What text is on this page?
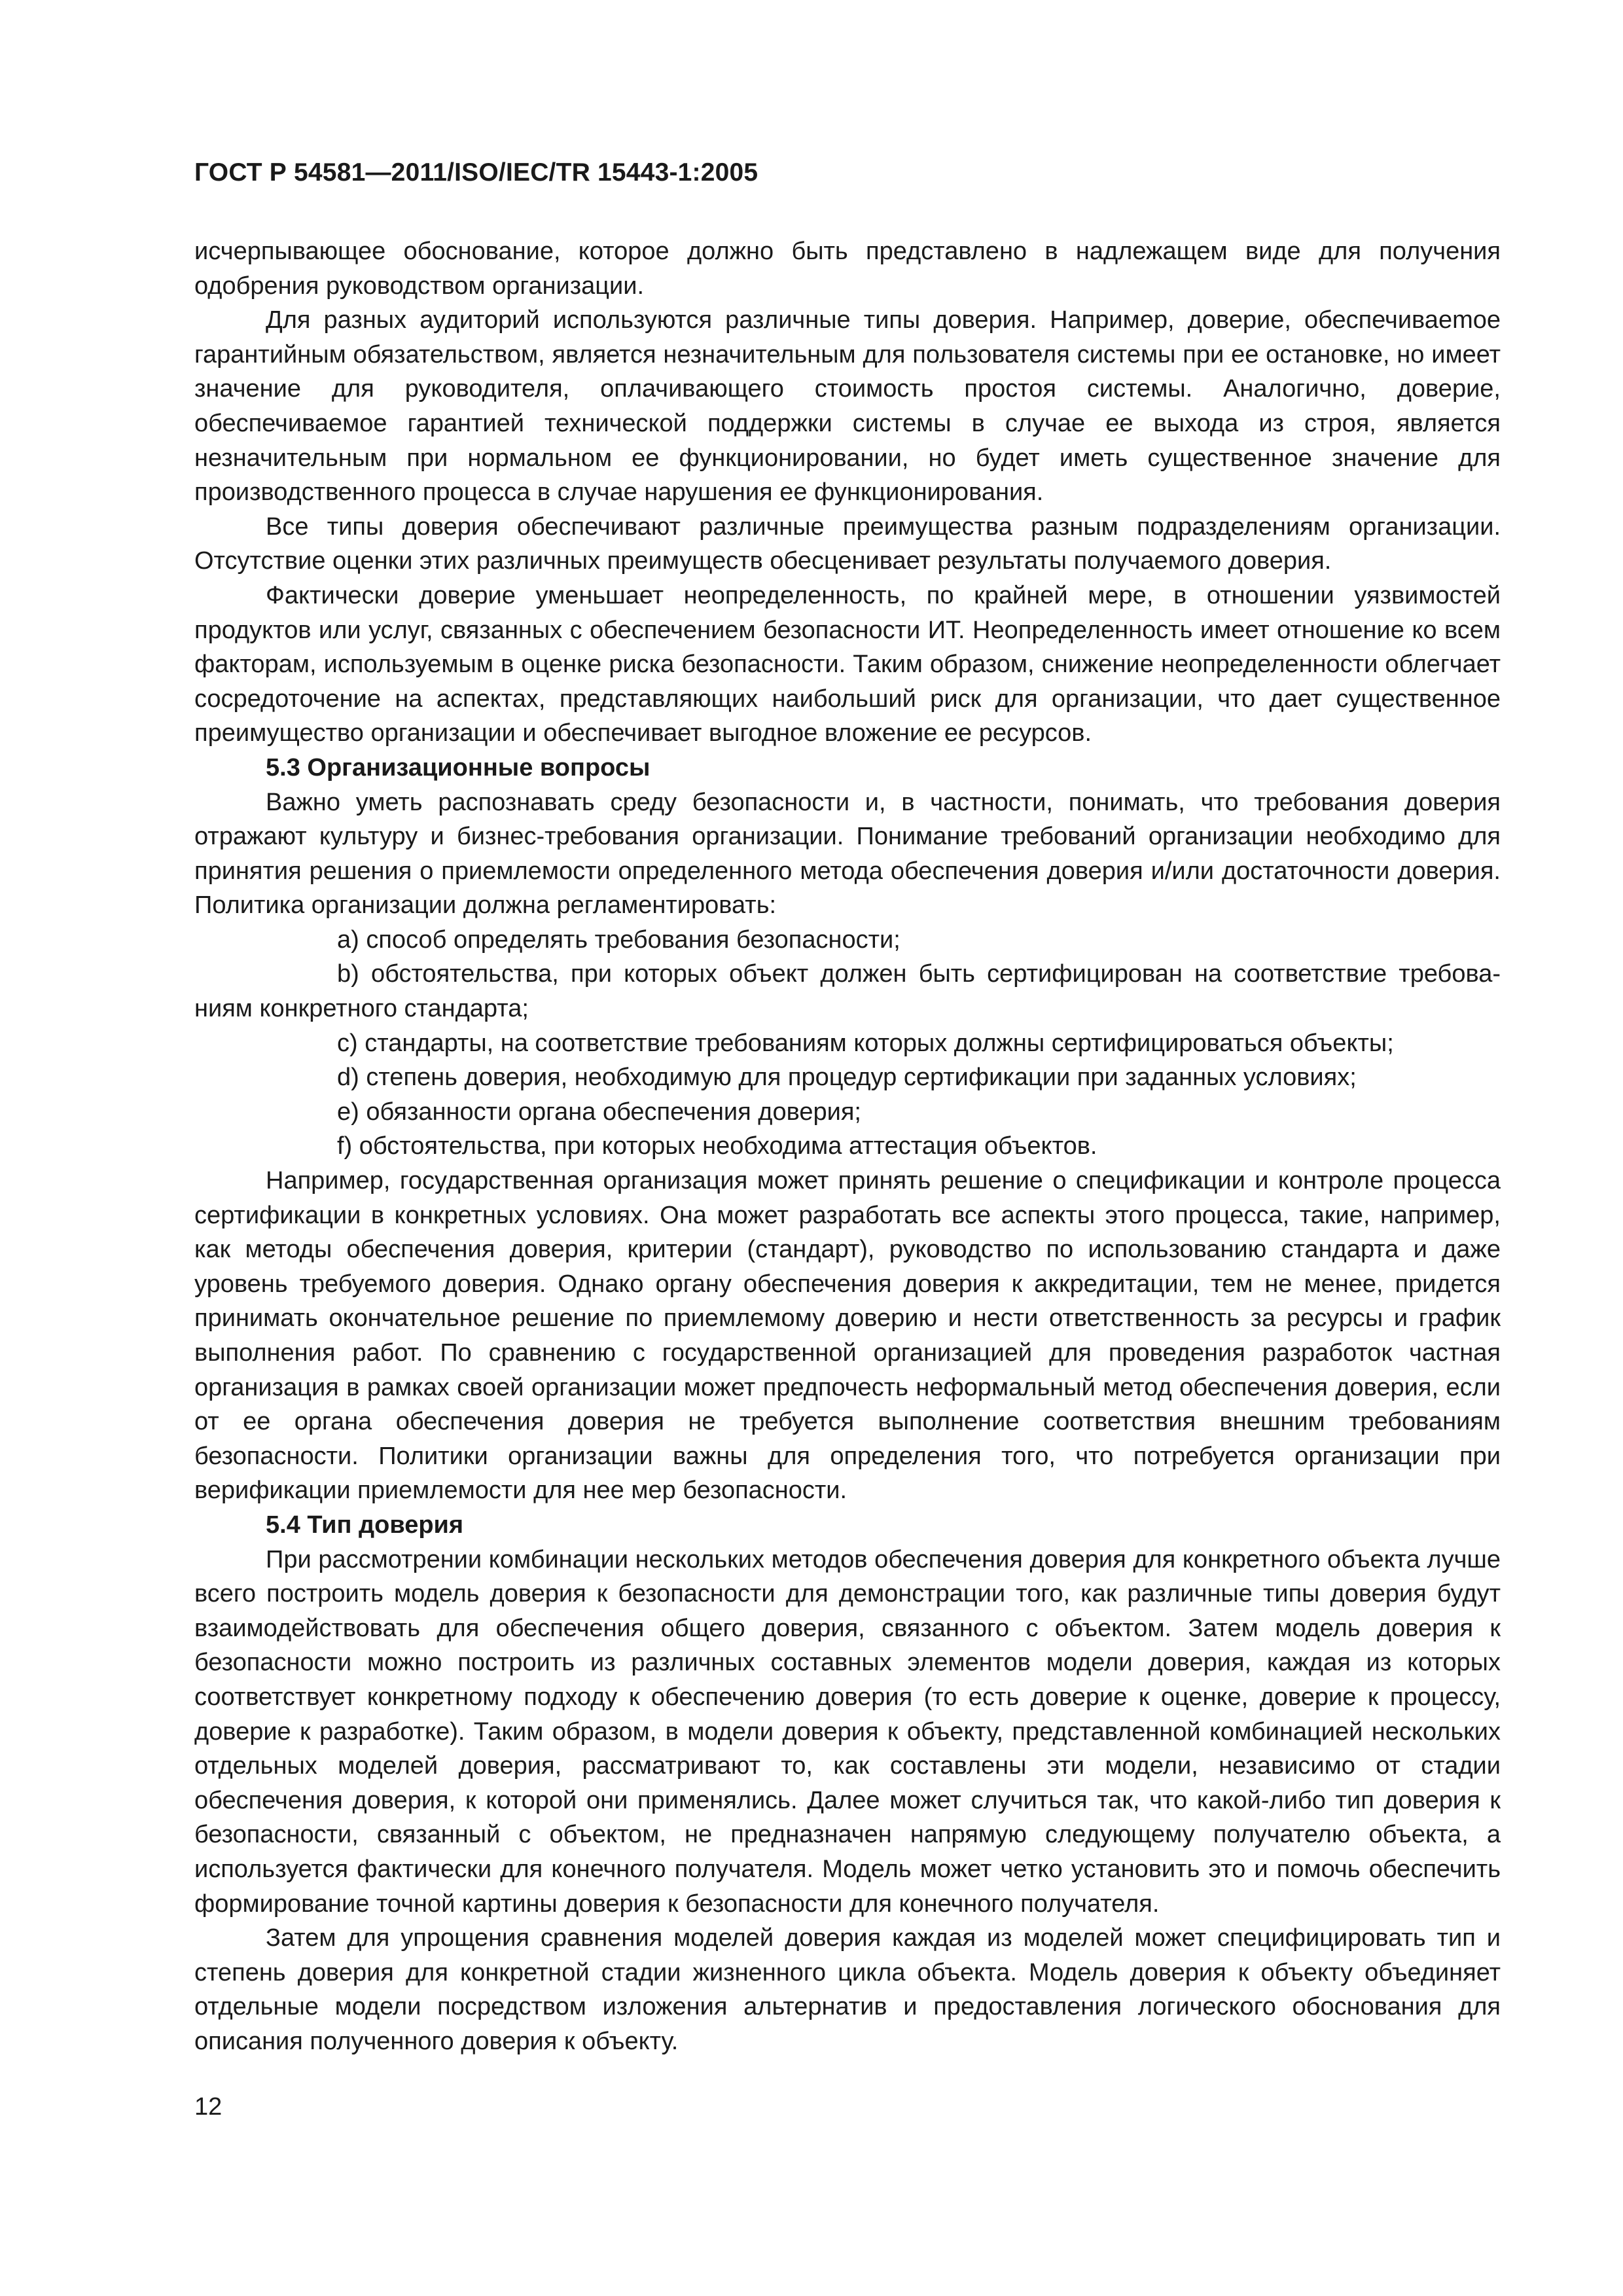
ГОСТ Р 54581—2011/ISO/IEC/TR 15443-1:2005

исчерпывающее обоснование, которое должно быть представлено в надлежащем виде для получения одобрения руководством организации.

Для разных аудиторий используются различные типы доверия. Например, доверие, обеспечиваеmое гарантийным обязательством, является незначительным для пользователя системы при ее остановке, но имеет значение для руководителя, оплачивающего стоимость простоя системы. Аналогично, доверие, обеспечиваемое гарантией технической поддержки системы в случае ее выхода из строя, является незначительным при нормальном ее функционировании, но будет иметь существенное значение для производственного процесса в случае нарушения ее функционирования.

Все типы доверия обеспечивают различные преимущества разным подразделениям организации. Отсутствие оценки этих различных преимуществ обесценивает результаты получаемого доверия.

Фактически доверие уменьшает неопределенность, по крайней мере, в отношении уязвимостей продуктов или услуг, связанных с обеспечением безопасности ИТ. Неопределенность имеет отношение ко всем факторам, используемым в оценке риска безопасности. Таким образом, снижение неопределенности облегчает сосредоточение на аспектах, представляющих наибольший риск для организации, что дает существенное преимущество организации и обеспечивает выгодное вложение ее ресурсов.

5.3 Организационные вопросы

Важно уметь распознавать среду безопасности и, в частности, понимать, что требования доверия отражают культуру и бизнес-требования организации. Понимание требований организации необходимо для принятия решения о приемлемости определенного метода обеспечения доверия и/или достаточности доверия. Политика организации должна регламентировать:

a) способ определять требования безопасности;
b) обстоятельства, при которых объект должен быть сертифицирован на соответствие требованиям конкретного стандарта;
c) стандарты, на соответствие требованиям которых должны сертифицироваться объекты;
d) степень доверия, необходимую для процедур сертификации при заданных условиях;
e) обязанности органа обеспечения доверия;
f) обстоятельства, при которых необходима аттестация объектов.

Например, государственная организация может принять решение о спецификации и контроле процесса сертификации в конкретных условиях. Она может разработать все аспекты этого процесса, такие, например, как методы обеспечения доверия, критерии (стандарт), руководство по использованию стандарта и даже уровень требуемого доверия. Однако органу обеспечения доверия к аккредитации, тем не менее, придется принимать окончательное решение по приемлемому доверию и нести ответственность за ресурсы и график выполнения работ. По сравнению с государственной организацией для проведения разработок частная организация в рамках своей организации может предпочесть неформальный метод обеспечения доверия, если от ее органа обеспечения доверия не требуется выполнение соответствия внешним требованиям безопасности. Политики организации важны для определения того, что потребуется организации при верификации приемлемости для нее мер безопасности.

5.4 Тип доверия

При рассмотрении комбинации нескольких методов обеспечения доверия для конкретного объекта лучше всего построить модель доверия к безопасности для демонстрации того, как различные типы доверия будут взаимодействовать для обеспечения общего доверия, связанного с объектом. Затем модель доверия к безопасности можно построить из различных составных элементов модели доверия, каждая из которых соответствует конкретному подходу к обеспечению доверия (то есть доверие к оценке, доверие к процессу, доверие к разработке). Таким образом, в модели доверия к объекту, представленной комбинацией нескольких отдельных моделей доверия, рассматривают то, как составлены эти модели, независимо от стадии обеспечения доверия, к которой они применялись. Далее может случиться так, что какой-либо тип доверия к безопасности, связанный с объектом, не предназначен напрямую следующему получателю объекта, а используется фактически для конечного получателя. Модель может четко установить это и помочь обеспечить формирование точной картины доверия к безопасности для конечного получателя.

Затем для упрощения сравнения моделей доверия каждая из моделей может специфицировать тип и степень доверия для конкретной стадии жизненного цикла объекта. Модель доверия к объекту объединяет отдельные модели посредством изложения альтернатив и предоставления логического обоснования для описания полученного доверия к объекту.

12
